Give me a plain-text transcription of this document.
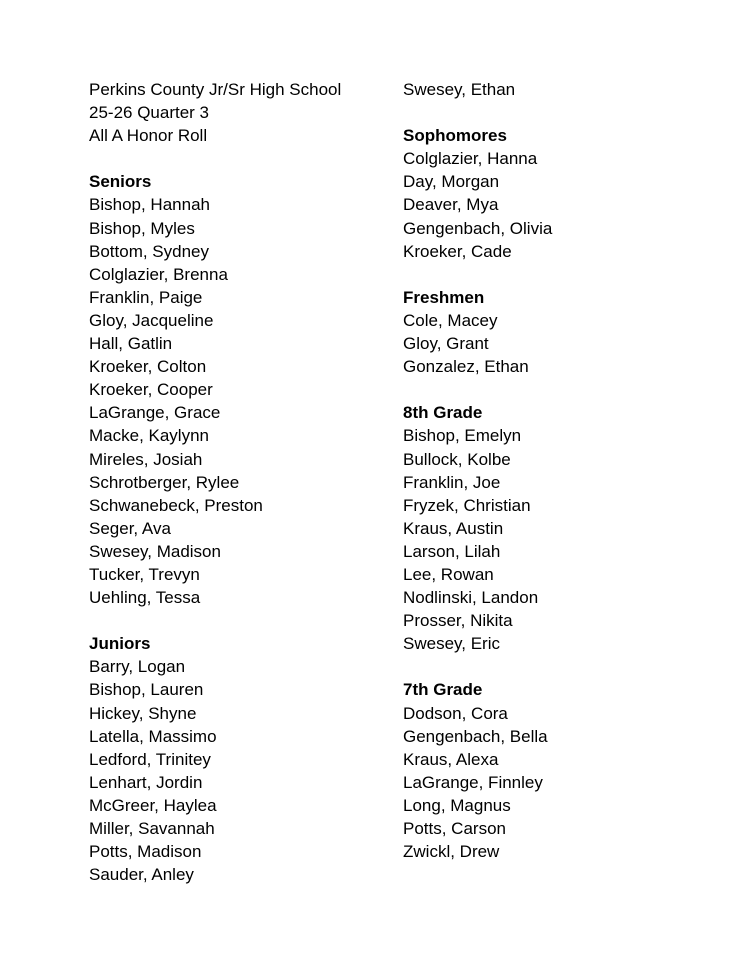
Perkins County Jr/Sr High School
25-26 Quarter 3
All A Honor Roll
Seniors
Bishop, Hannah
Bishop, Myles
Bottom, Sydney
Colglazier, Brenna
Franklin, Paige
Gloy, Jacqueline
Hall, Gatlin
Kroeker, Colton
Kroeker, Cooper
LaGrange, Grace
Macke, Kaylynn
Mireles, Josiah
Schrotberger, Rylee
Schwanebeck, Preston
Seger, Ava
Swesey, Madison
Tucker, Trevyn
Uehling, Tessa
Juniors
Barry, Logan
Bishop, Lauren
Hickey, Shyne
Latella, Massimo
Ledford, Trinitey
Lenhart, Jordin
McGreer, Haylea
Miller, Savannah
Potts, Madison
Sauder, Anley
Swesey, Ethan
Sophomores
Colglazier, Hanna
Day, Morgan
Deaver, Mya
Gengenbach, Olivia
Kroeker, Cade
Freshmen
Cole, Macey
Gloy, Grant
Gonzalez, Ethan
8th Grade
Bishop, Emelyn
Bullock, Kolbe
Franklin, Joe
Fryzek, Christian
Kraus, Austin
Larson, Lilah
Lee, Rowan
Nodlinski, Landon
Prosser, Nikita
Swesey, Eric
7th Grade
Dodson, Cora
Gengenbach, Bella
Kraus, Alexa
LaGrange, Finnley
Long, Magnus
Potts, Carson
Zwickl, Drew
